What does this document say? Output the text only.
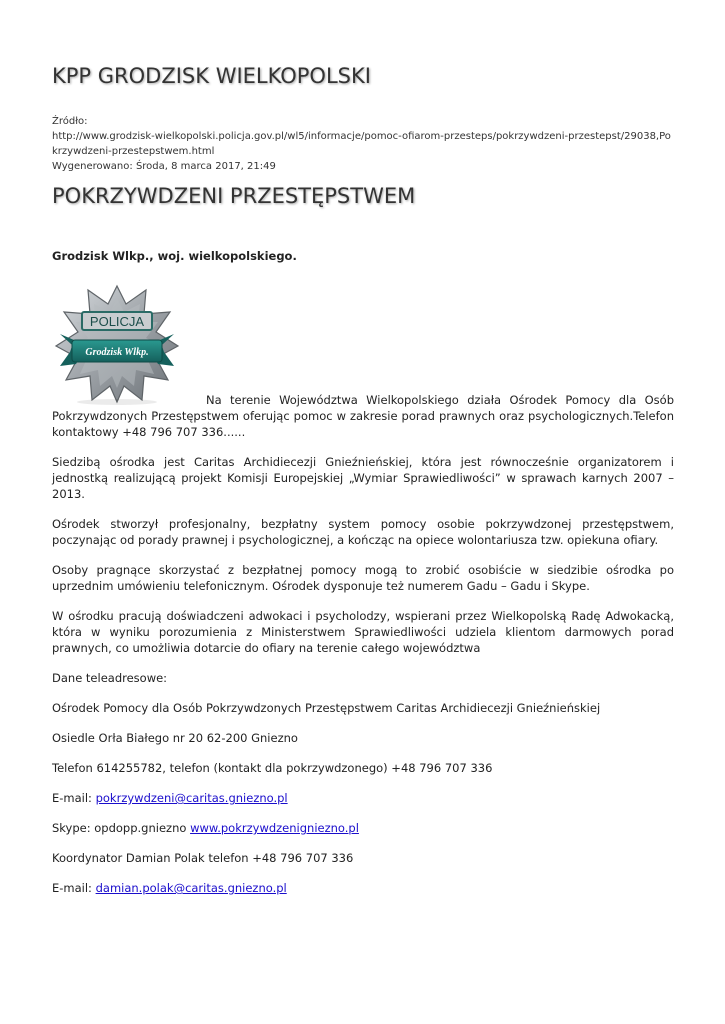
KPP GRODZISK WIELKOPOLSKI
Źródło:
http://www.grodzisk-wielkopolski.policja.gov.pl/wl5/informacje/pomoc-ofiarom-przesteps/pokrzywdzeni-przestepst/29038,Pokrzywdzeni-przestepstwem.html
Wygenerowano: Środa, 8 marca 2017, 21:49
POKRZYWDZENI PRZESTĘPSTWEM
Grodzisk Wlkp., woj. wielkopolskiego.
POLICJA
Grodzisk Wlkp.

Na terenie Województwa Wielkopolskiego działa Ośrodek Pomocy dla Osób Pokrzywdzonych Przestępstwem oferując pomoc w zakresie porad prawnych oraz psychologicznych.Telefon kontaktowy +48 796 707 336......

Siedzibą ośrodka jest Caritas Archidiecezji Gnieźnieńskiej, która jest równocześnie organizatorem i jednostką realizującą projekt Komisji Europejskiej „Wymiar Sprawiedliwości” w sprawach karnych 2007 – 2013.

Ośrodek stworzył profesjonalny, bezpłatny system pomocy osobie pokrzywdzonej przestępstwem, poczynając od porady prawnej i psychologicznej, a kończąc na opiece wolontariusza tzw. opiekuna ofiary.

Osoby pragnące skorzystać z bezpłatnej pomocy mogą to zrobić osobiście w siedzibie ośrodka po uprzednim umówieniu telefonicznym. Ośrodek dysponuje też numerem Gadu – Gadu i Skype.

W ośrodku pracują doświadczeni adwokaci i psycholodzy, wspierani przez Wielkopolską Radę Adwokacką, która w wyniku porozumienia z Ministerstwem Sprawiedliwości udziela klientom darmowych porad prawnych, co umożliwia dotarcie do ofiary na terenie całego województwa

Dane teleadresowe:

Ośrodek Pomocy dla Osób Pokrzywdzonych Przestępstwem Caritas Archidiecezji Gnieźnieńskiej

Osiedle Orła Białego nr 20 62-200 Gniezno

Telefon 614255782, telefon (kontakt dla pokrzywdzonego) +48 796 707 336

E-mail: pokrzywdzeni@caritas.gniezno.pl

Skype: opdopp.gniezno www.pokrzywdzenigniezno.pl

Koordynator Damian Polak telefon +48 796 707 336

E-mail: damian.polak@caritas.gniezno.pl
